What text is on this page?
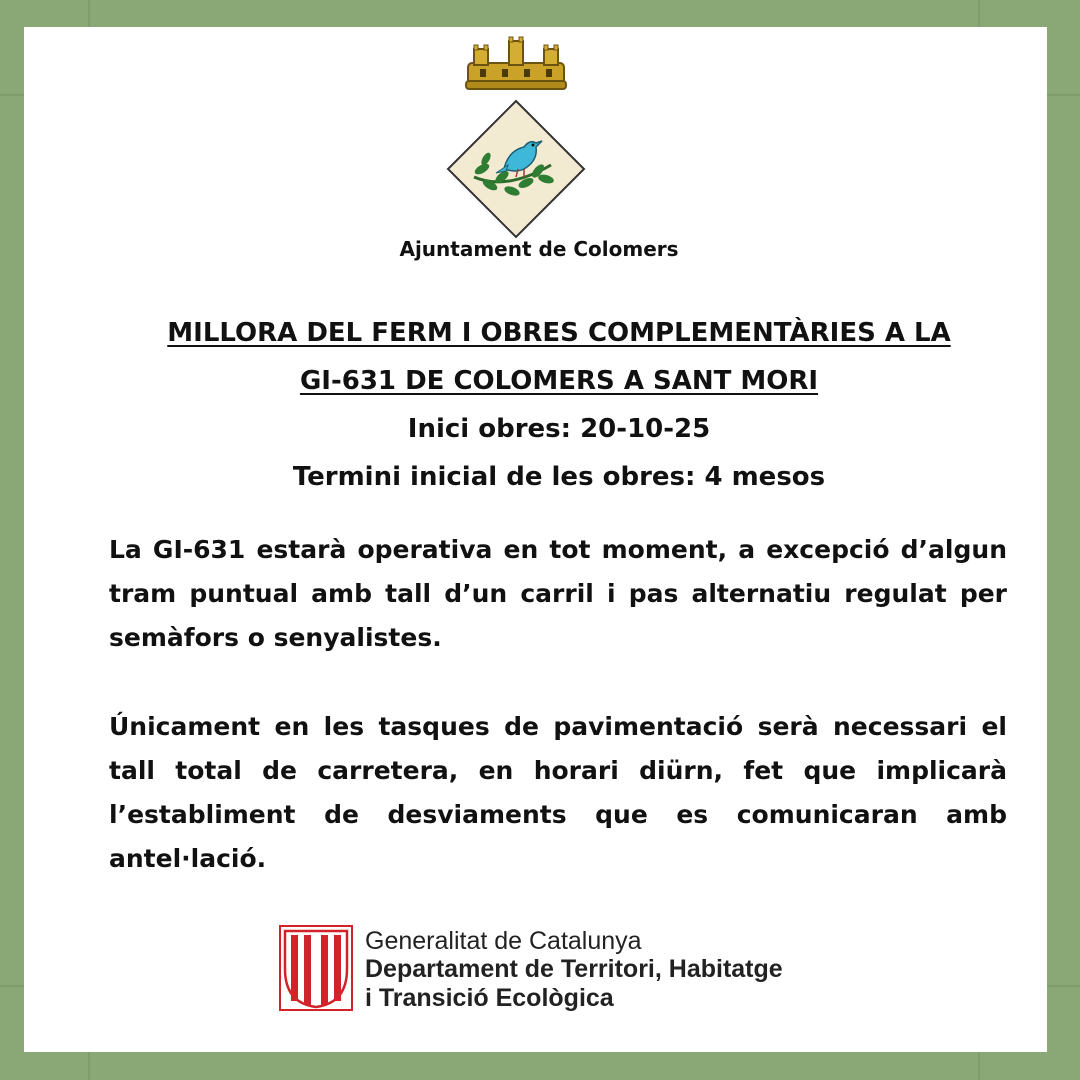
Ajuntament de Colomers
MILLORA DEL FERM I OBRES COMPLEMENTÀRIES A LA
GI-631 DE COLOMERS A SANT MORI
Inici obres: 20-10-25
Termini inicial de les obres: 4 mesos

La GI-631 estarà operativa en tot moment, a excepció d’algun tram puntual amb tall d’un carril i pas alternatiu regulat per semàfors o senyalistes.

Únicament en les tasques de pavimentació serà necessari el tall total de carretera, en horari diürn, fet que implicarà l’establiment de desviaments que es comunicaran amb antel·lació.

Generalitat de Catalunya
Departament de Territori, Habitatge
i Transició Ecològica
